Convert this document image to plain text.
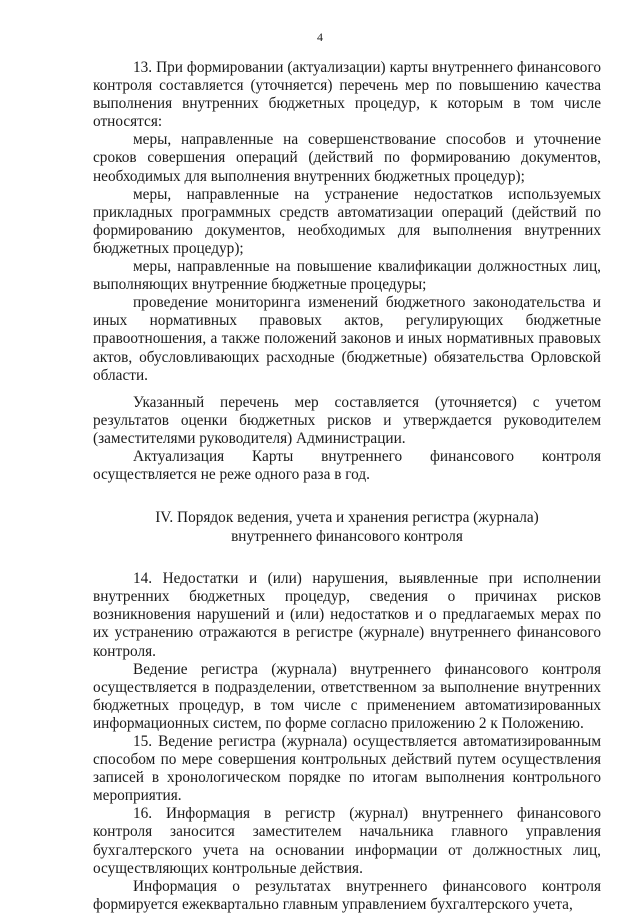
4

13. При формировании (актуализации) карты внутреннего финансового контроля составляется (уточняется) перечень мер по повышению качества выполнения внутренних бюджетных процедур, к которым в том числе относятся:

меры, направленные на совершенствование способов и уточнение сроков совершения операций (действий по формированию документов, необходимых для выполнения внутренних бюджетных процедур);

меры, направленные на устранение недостатков используемых прикладных программных средств автоматизации операций (действий по формированию документов, необходимых для выполнения внутренних бюджетных процедур);

меры, направленные на повышение квалификации должностных лиц, выполняющих внутренние бюджетные процедуры;

проведение мониторинга изменений бюджетного законодательства и иных нормативных правовых актов, регулирующих бюджетные правоотношения, а также положений законов и иных нормативных правовых актов, обусловливающих расходные (бюджетные) обязательства Орловской области.

Указанный перечень мер составляется (уточняется) с учетом результатов оценки бюджетных рисков и утверждается руководителем (заместителями руководителя) Администрации.

Актуализация Карты внутреннего финансового контроля осуществляется не реже одного раза в год.

IV. Порядок ведения, учета и хранения регистра (журнала)
внутреннего финансового контроля

14. Недостатки и (или) нарушения, выявленные при исполнении внутренних бюджетных процедур, сведения о причинах рисков возникновения нарушений и (или) недостатков и о предлагаемых мерах по их устранению отражаются в регистре (журнале) внутреннего финансового контроля.

Ведение регистра (журнала) внутреннего финансового контроля осуществляется в подразделении, ответственном за выполнение внутренних бюджетных процедур, в том числе с применением автоматизированных информационных систем, по форме согласно приложению 2 к Положению.

15. Ведение регистра (журнала) осуществляется автоматизированным способом по мере совершения контрольных действий путем осуществления записей в хронологическом порядке по итогам выполнения контрольного мероприятия.

16. Информация в регистр (журнал) внутреннего финансового контроля заносится заместителем начальника главного управления бухгалтерского учета на основании информации от должностных лиц, осуществляющих контрольные действия.

Информация о результатах внутреннего финансового контроля формируется ежеквартально главным управлением бухгалтерского учета,
